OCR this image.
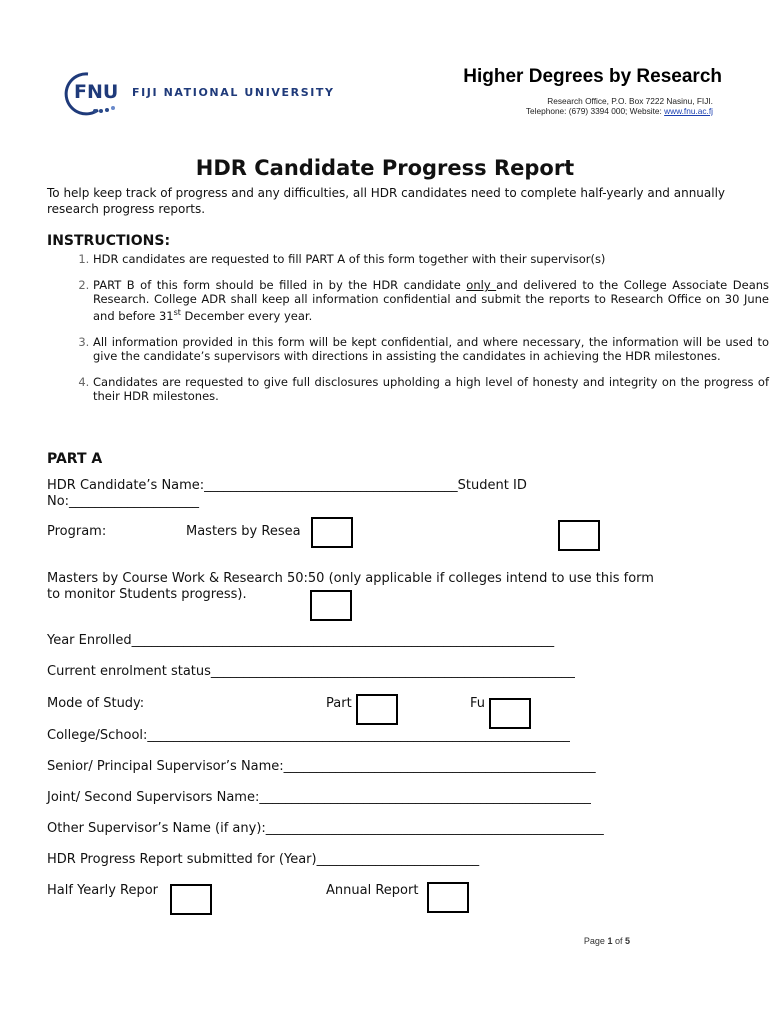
FNU FIJI NATIONAL UNIVERSITY
Higher Degrees by Research
Research Office, P.O. Box 7222 Nasinu, FIJI.
Telephone: (679) 3394 000; Website: www.fnu.ac.fj
HDR Candidate Progress Report
To help keep track of progress and any difficulties, all HDR candidates need to complete half-yearly and annually research progress reports.
INSTRUCTIONS:
1. HDR candidates are requested to fill PART A of this form together with their supervisor(s)
2. PART B of this form should be filled in by the HDR candidate only and delivered to the College Associate Deans Research. College ADR shall keep all information confidential and submit the reports to Research Office on 30 June and before 31st December every year.
3. All information provided in this form will be kept confidential, and where necessary, the information will be used to give the candidate’s supervisors with directions in assisting the candidates in achieving the HDR milestones.
4. Candidates are requested to give full disclosures upholding a high level of honesty and integrity on the progress of their HDR milestones.
PART A
HDR Candidate’s Name:_______________________________________Student ID
No:____________________
Program:	Masters by Resea
Masters by Course Work & Research 50:50 (only applicable if colleges intend to use this form
to monitor Students progress).
Year Enrolled_________________________________________________________________
Current enrolment status________________________________________________________
Mode of Study:	Part	Fu
College/School:_________________________________________________________________
Senior/ Principal Supervisor’s Name:________________________________________________
Joint/ Second Supervisors Name:___________________________________________________
Other Supervisor’s Name (if any):____________________________________________________
HDR Progress Report submitted for (Year)_________________________
Half Yearly Repor	Annual Report
Page 1 of 5
